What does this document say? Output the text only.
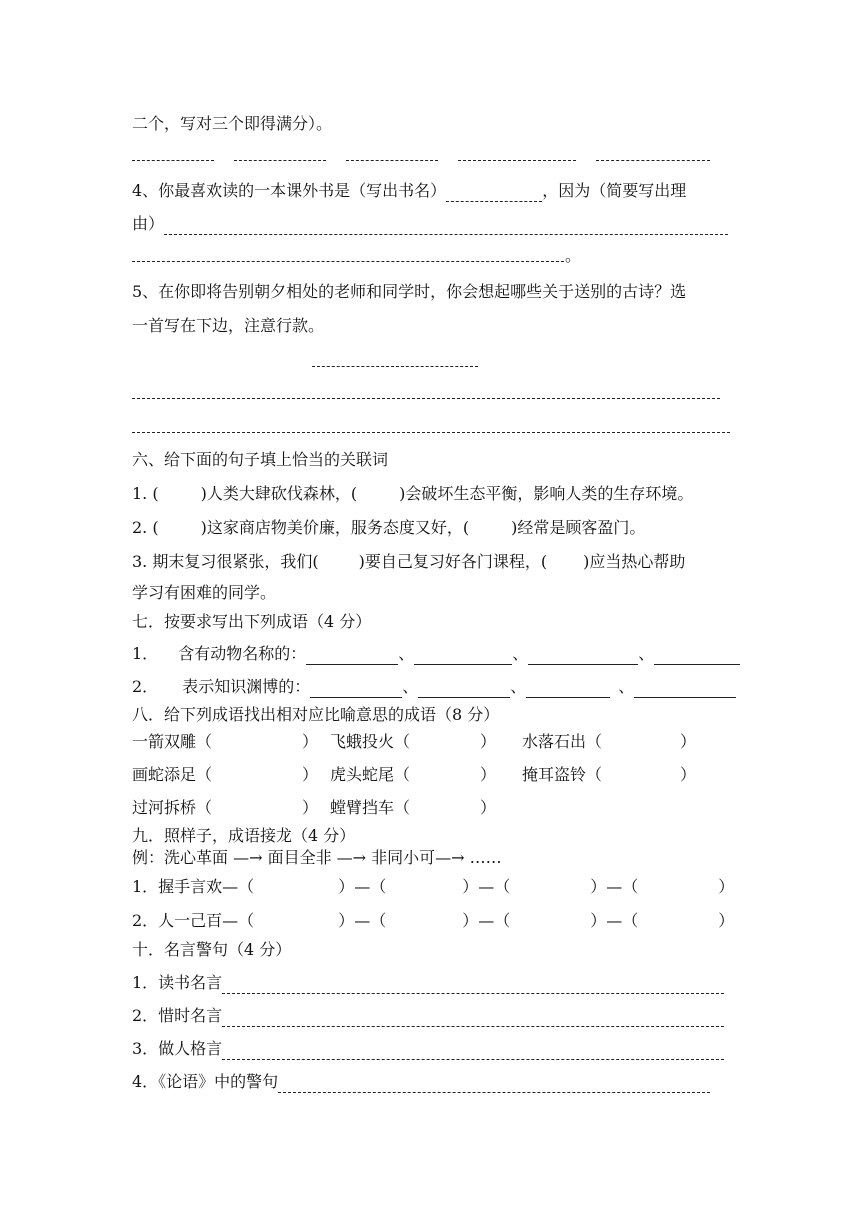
二个，写对三个即得满分）。
4、你最喜欢读的一本课外书是（写出书名）	，因为（简要写出理
由）
。
5、在你即将告别朝夕相处的老师和同学时，你会想起哪些关于送别的古诗？选
一首写在下边，注意行款。
六、给下面的句子填上恰当的关联词
1. (	)人类大肆砍伐森林，(	)会破坏生态平衡，影响人类的生存环境。
2. (	)这家商店物美价廉，服务态度又好，(	)经常是顾客盈门。
3. 期末复习很紧张，我们(	)要自己复习好各门课程，( )应当热心帮助
学习有困难的同学。
七．按要求写出下列成语（4 分）
1． 含有动物名称的：	、	、	、
2． 表示知识渊博的：	、	、	、
八．给下列成语找出相对应比喻意思的成语（8 分）
一箭双雕（	） 飞蛾投火（	） 水落石出（	）
画蛇添足（	） 虎头蛇尾（	） 掩耳盗铃（	）
过河拆桥（	） 螳臂挡车（	）
九．照样子，成语接龙（4 分）
例：洗心革面 —→ 面目全非 —→ 非同小可—→ ……
1．握手言欢—（	）—（	）—（	）—（	）
2．人一己百—（	）—（	）—（	）—（	）
十．名言警句（4 分）
1．读书名言
2．惜时名言
3．做人格言
4．《论语》中的警句
